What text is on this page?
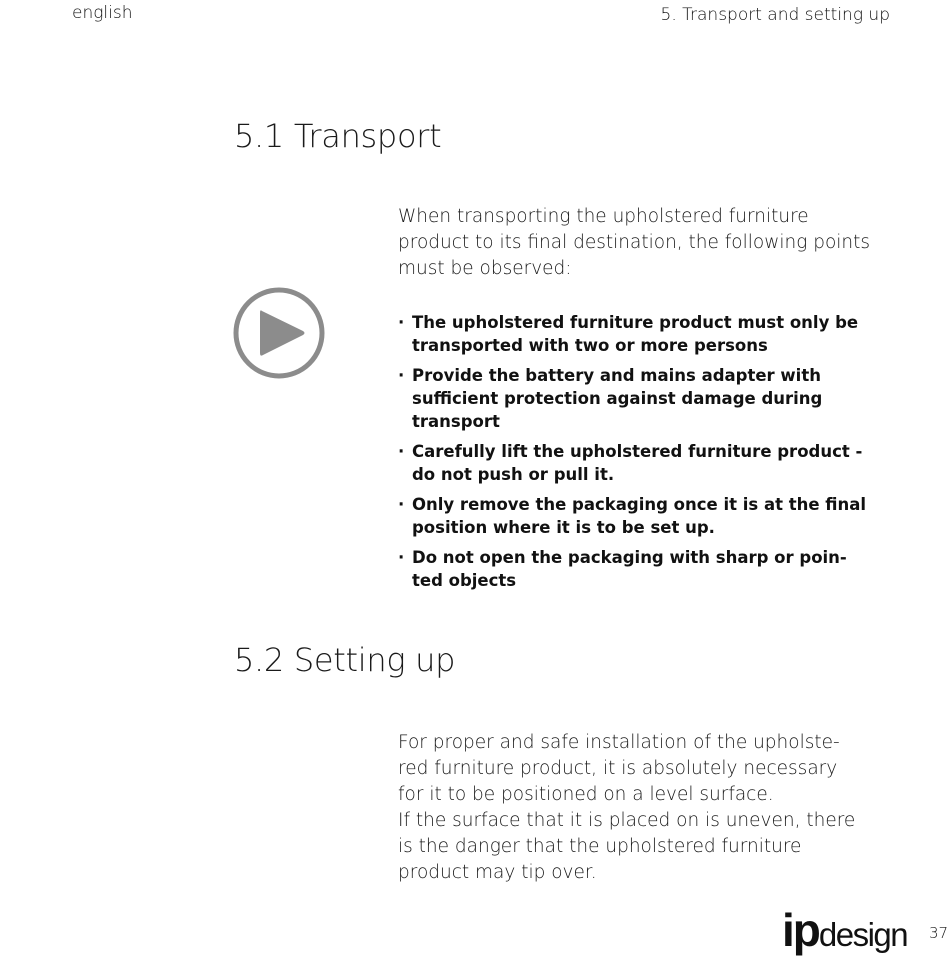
english	5. Transport and setting up
5.1 Transport
When transporting the upholstered furniture
product to its final destination, the following points
must be observed:
· The upholstered furniture product must only be
transported with two or more persons
· Provide the battery and mains adapter with
sufficient protection against damage during
transport
· Carefully lift the upholstered furniture product -
do not push or pull it.
· Only remove the packaging once it is at the final
position where it is to be set up.
· Do not open the packaging with sharp or poin-
ted objects
5.2 Setting up
For proper and safe installation of the upholste-
red furniture product, it is absolutely necessary
for it to be positioned on a level surface.
If the surface that it is placed on is uneven, there
is the danger that the upholstered furniture
product may tip over.
ipdesign 37
